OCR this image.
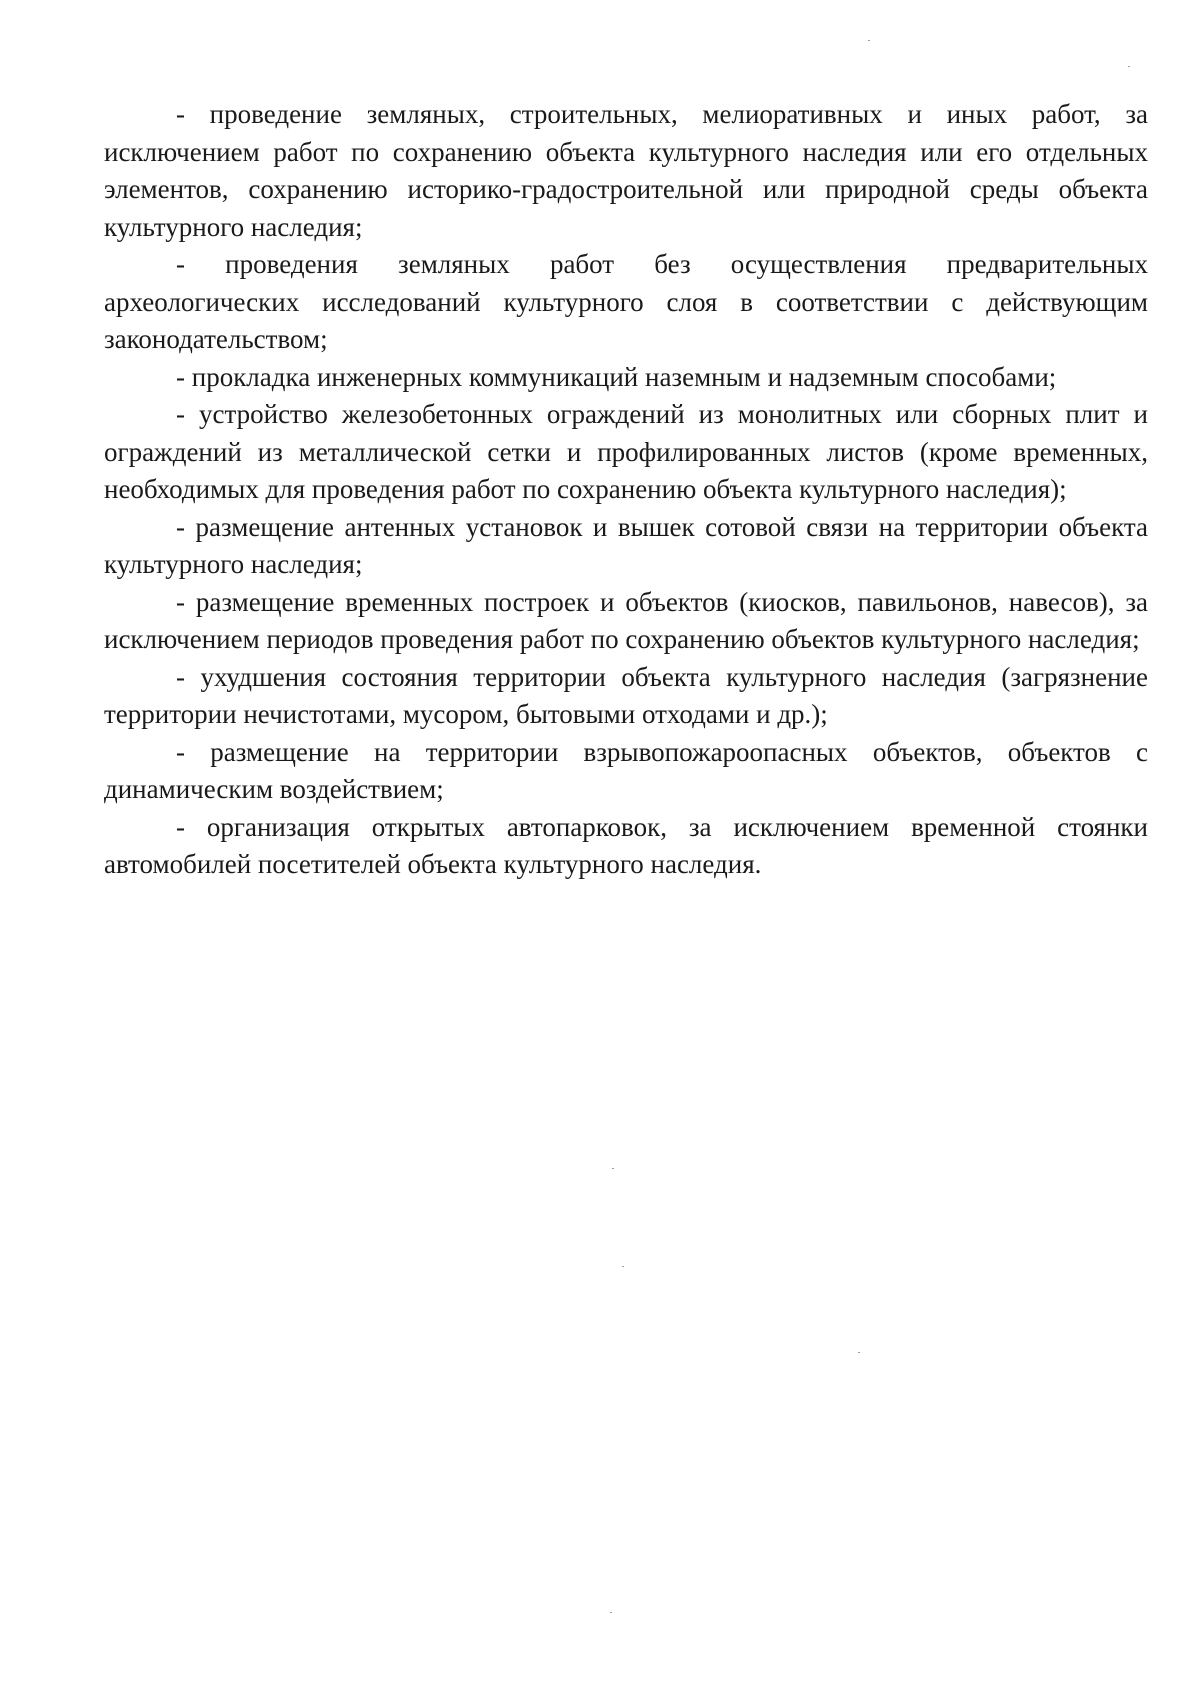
- проведение земляных, строительных, мелиоративных и иных работ, за исключением работ по сохранению объекта культурного наследия или его отдельных элементов, сохранению историко-градостроительной или природной среды объекта культурного наследия;

- проведения земляных работ без осуществления предварительных археологических исследований культурного слоя в соответствии с действующим законодательством;

- прокладка инженерных коммуникаций наземным и надземным способами;

- устройство железобетонных ограждений из монолитных или сборных плит и ограждений из металлической сетки и профилированных листов (кроме временных, необходимых для проведения работ по сохранению объекта культурного наследия);

- размещение антенных установок и вышек сотовой связи на территории объекта культурного наследия;

- размещение временных построек и объектов (киосков, павильонов, навесов), за исключением периодов проведения работ по сохранению объектов культурного наследия;

- ухудшения состояния территории объекта культурного наследия (загрязнение территории нечистотами, мусором, бытовыми отходами и др.);

- размещение на территории взрывопожароопасных объектов, объектов с динамическим воздействием;

- организация открытых автопарковок, за исключением временной стоянки автомобилей посетителей объекта культурного наследия.
